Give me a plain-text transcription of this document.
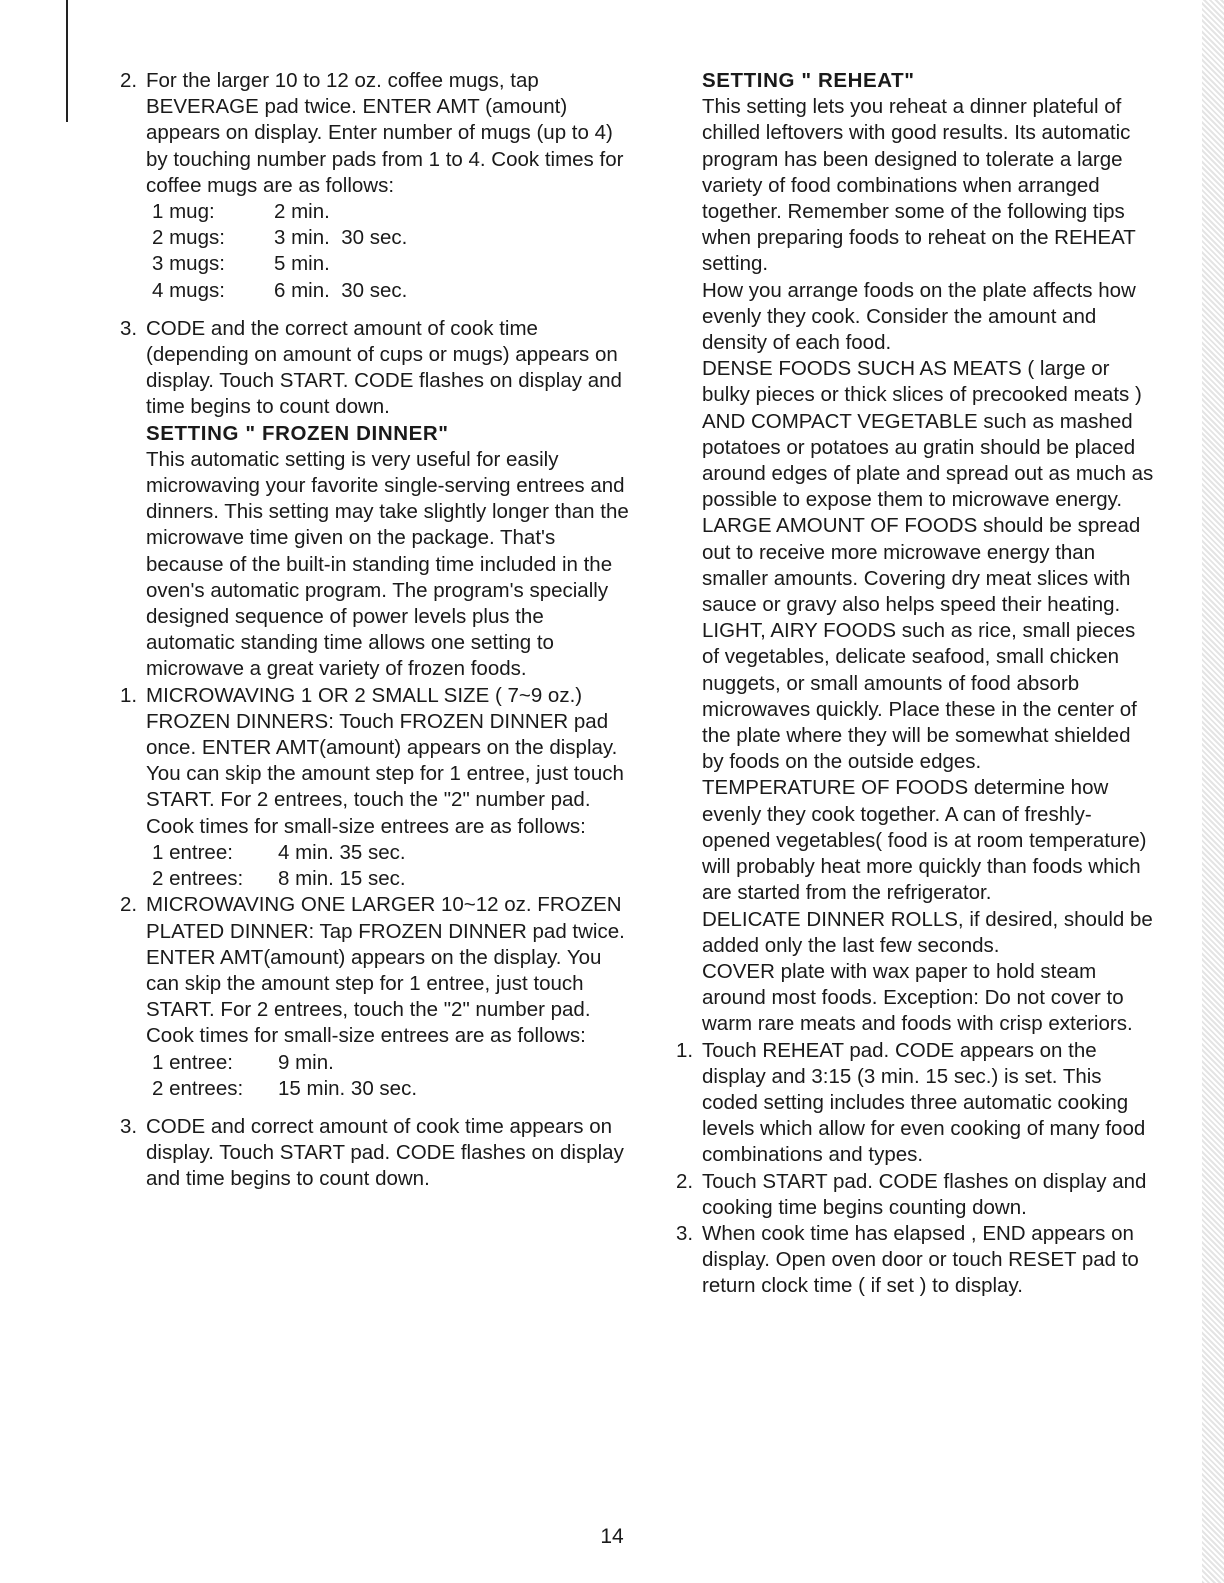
2. For the larger 10 to 12 oz. coffee mugs, tap BEVERAGE pad twice. ENTER AMT (amount) appears on display. Enter number of mugs (up to 4) by touching number pads from 1 to 4. Cook times for coffee mugs are as follows:
1 mug:	2 min.
2 mugs:	3 min.  30 sec.
3 mugs:	5 min.
4 mugs:	6 min.  30 sec.
3. CODE and the correct amount of cook time (depending on amount of cups or mugs) appears on display. Touch START. CODE flashes on display and time begins to count down.
SETTING " FROZEN DINNER"
This automatic setting is very useful for easily microwaving your favorite single-serving entrees and dinners. This setting may take slightly longer than the microwave time given on the package. That's because of the built-in standing time included in the oven's automatic program. The program's specially designed sequence of power levels plus the automatic standing time allows one setting to microwave a great variety of frozen foods.
1. MICROWAVING 1 OR 2 SMALL SIZE ( 7~9 oz.) FROZEN DINNERS: Touch FROZEN DINNER pad once. ENTER AMT(amount) appears on the display. You can skip the amount step for 1 entree, just touch START. For 2 entrees, touch the "2" number pad. Cook times for small-size entrees are as follows:
1 entree:	4 min. 35 sec.
2 entrees:	8 min. 15 sec.
2. MICROWAVING ONE LARGER 10~12 oz. FROZEN PLATED DINNER: Tap FROZEN DINNER pad twice. ENTER AMT(amount) appears on the display. You can skip the amount step for 1 entree, just touch START. For 2 entrees, touch the "2" number pad. Cook times for small-size entrees are as follows:
1 entree:	9 min.
2 entrees:	15 min. 30 sec.
3. CODE and correct amount of cook time appears on display. Touch START pad. CODE flashes on display and time begins to count down.
SETTING " REHEAT"
This setting lets you reheat a dinner plateful of chilled leftovers with good results. Its automatic program has been designed to tolerate a large variety of food combinations when arranged together. Remember some of the following tips when preparing foods to reheat on the REHEAT setting.
How you arrange foods on the plate affects how evenly they cook. Consider the amount and density of each food.
DENSE FOODS SUCH AS MEATS ( large or bulky pieces or thick slices of precooked meats ) AND COMPACT VEGETABLE such as mashed potatoes or potatoes au gratin should be placed around edges of plate and spread out as much as possible to expose them to microwave energy.
LARGE AMOUNT OF FOODS should be spread out to receive more microwave energy than smaller amounts. Covering dry meat slices with sauce or gravy also helps speed their heating.
LIGHT, AIRY FOODS such as rice, small pieces of vegetables, delicate seafood, small chicken nuggets, or small amounts of food absorb microwaves quickly. Place these in the center of the plate where they will be somewhat shielded by foods on the outside edges.
TEMPERATURE OF FOODS determine how evenly they cook together. A can of freshly-opened vegetables( food is at room temperature) will probably heat more quickly than foods which are started from the refrigerator.
DELICATE DINNER ROLLS, if desired, should be added only the last few seconds.
COVER plate with wax paper to hold steam around most foods. Exception: Do not cover to warm rare meats and foods with crisp exteriors.
1. Touch REHEAT pad. CODE appears on the display and 3:15 (3 min. 15 sec.) is set. This coded setting includes three automatic cooking levels which allow for even cooking of many food combinations and types.
2. Touch START pad. CODE flashes on display and cooking time begins counting down.
3. When cook time has elapsed , END appears on display. Open oven door or touch RESET pad to return clock time ( if set ) to display.
14
